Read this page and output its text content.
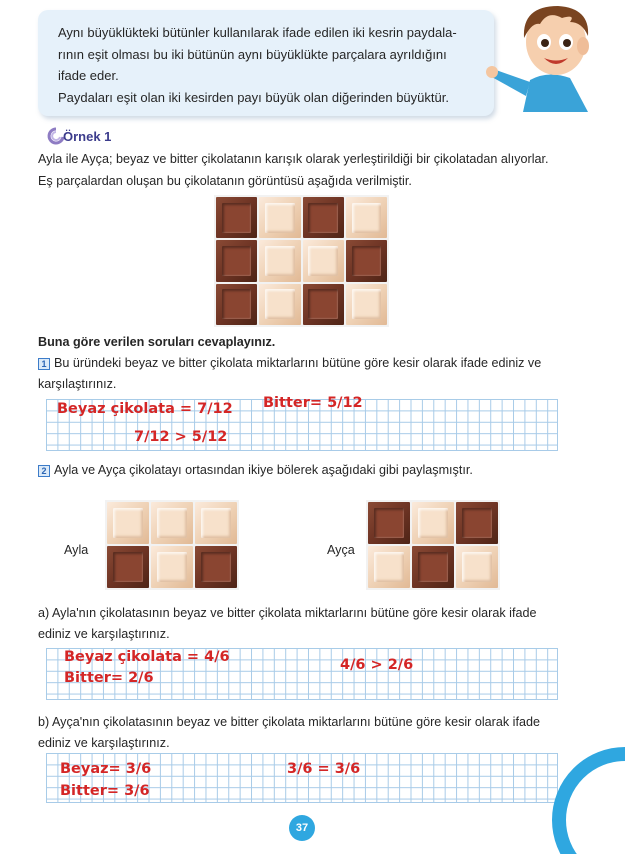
Aynı büyüklükteki bütünler kullanılarak ifade edilen iki kesrin paydala-
rının eşit olması bu iki bütünün aynı büyüklükte parçalara ayrıldığını
ifade eder.
Paydaları eşit olan iki kesirden payı büyük olan diğerinden büyüktür.
Örnek 1
Ayla ile Ayça; beyaz ve bitter çikolatanın karışık olarak yerleştirildiği bir çikolatadan alıyorlar.
Eş parçalardan oluşan bu çikolatanın görüntüsü aşağıda verilmiştir.
Buna göre verilen soruları cevaplayınız.
1 Bu üründeki beyaz ve bitter çikolata miktarlarını bütüne göre kesir olarak ifade ediniz ve
karşılaştırınız.
Beyaz çikolata = 7/12 Bitter= 5/12
7/12 > 5/12
2 Ayla ve Ayça çikolatayı ortasından ikiye bölerek aşağıdaki gibi paylaşmıştır.
Ayla	Ayça
a) Ayla'nın çikolatasının beyaz ve bitter çikolata miktarlarını bütüne göre kesir olarak ifade
ediniz ve karşılaştırınız.
Beyaz çikolata = 4/6
Bitter= 2/6
4/6 > 2/6
b) Ayça'nın çikolatasının beyaz ve bitter çikolata miktarlarını bütüne göre kesir olarak ifade
ediniz ve karşılaştırınız.
Beyaz= 3/6
Bitter= 3/6
3/6 = 3/6
37
